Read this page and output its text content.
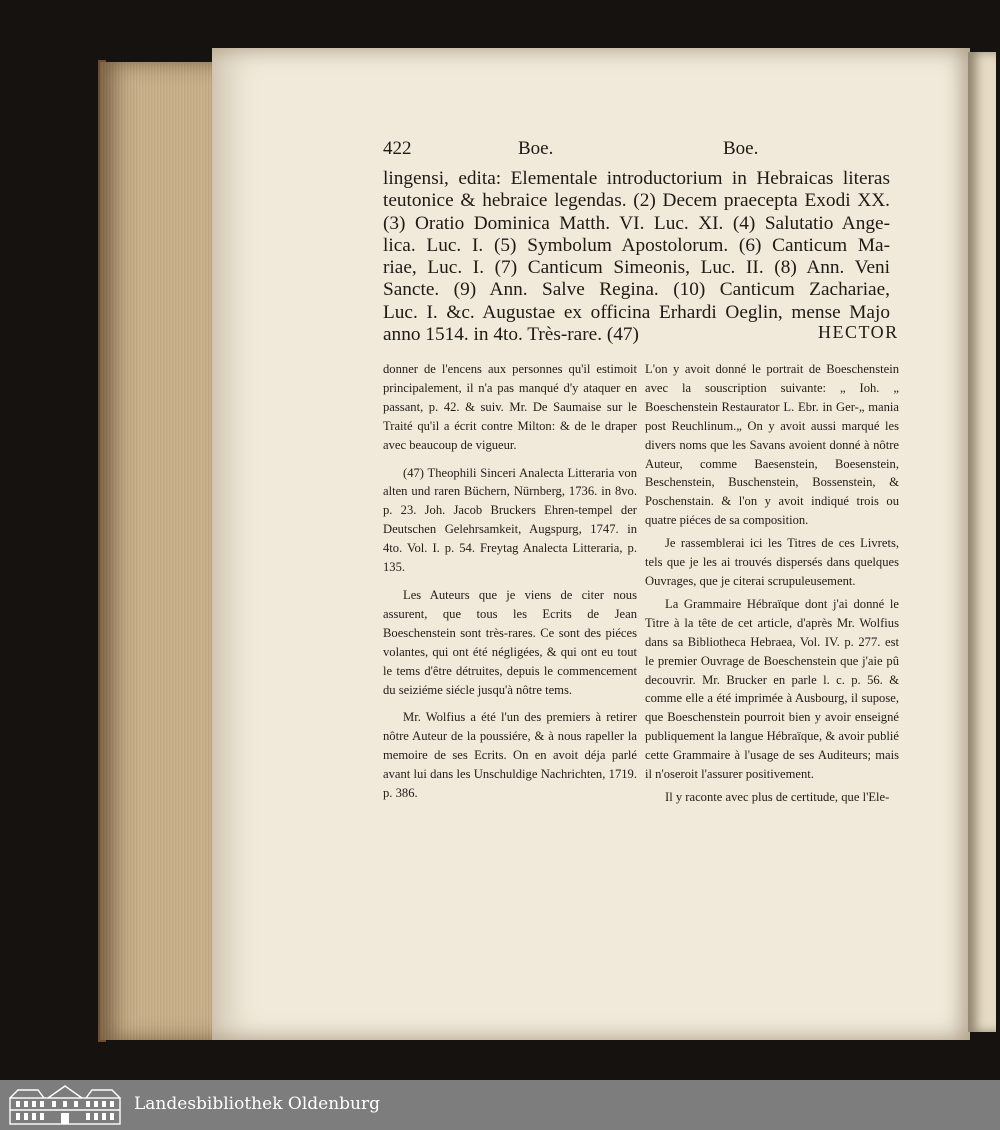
422	Boe.	Boe.

lingensi, edita: Elementale introductorium in Hebraicas literas

teutonice & hebraice legendas. (2) Decem praecepta Exodi XX.

(3) Oratio Dominica Matth. VI. Luc. XI. (4) Salutatio Ange-

lica. Luc. I. (5) Symbolum Apostolorum. (6) Canticum Ma-

riae, Luc. I. (7) Canticum Simeonis, Luc. II. (8) Ann. Veni

Sancte. (9) Ann. Salve Regina. (10) Canticum Zachariae,

Luc. I. &c. Augustae ex officina Erhardi Oeglin, mense Majo

anno 1514. in 4to. Très-rare. (47)	HECTOR

donner de l'encens aux personnes qu'il estimoit principalement, il n'a pas manqué d'y ataquer en passant, p. 42. & suiv. Mr. De Saumaise sur le Traité qu'il a écrit contre Milton: & de le draper avec beaucoup de vigueur.

(47) Theophili Sinceri Analecta Litteraria von alten und raren Büchern, Nürnberg, 1736. in 8vo. p. 23. Joh. Jacob Bruckers Ehren-tempel der Deutschen Gelehrsamkeit, Augspurg, 1747. in 4to. Vol. I. p. 54. Freytag Analecta Litteraria, p. 135.

Les Auteurs que je viens de citer nous assurent, que tous les Ecrits de Jean Boeschenstein sont très-rares. Ce sont des piéces volantes, qui ont été négligées, & qui ont eu tout le tems d'être détruites, depuis le commencement du seiziéme siécle jusqu'à nôtre tems.

Mr. Wolfius a été l'un des premiers à retirer nôtre Auteur de la poussiére, & à nous rapeller la memoire de ses Ecrits. On en avoit déja parlé avant lui dans les Unschuldige Nachrichten, 1719. p. 386.

L'on y avoit donné le portrait de Boeschenstein avec la souscription suivante: „ Ioh. „ Boeschenstein Restaurator L. Ebr. in Ger-„ mania post Reuchlinum.„ On y avoit aussi marqué les divers noms que les Savans avoient donné à nôtre Auteur, comme Baesenstein, Boesenstein, Beschenstein, Buschenstein, Bossenstein, & Poschenstain. & l'on y avoit indiqué trois ou quatre piéces de sa composition.

Je rassemblerai ici les Titres de ces Livrets, tels que je les ai trouvés dispersés dans quelques Ouvrages, que je citerai scrupuleusement.

La Grammaire Hébraïque dont j'ai donné le Titre à la tête de cet article, d'après Mr. Wolfius dans sa Bibliotheca Hebraea, Vol. IV. p. 277. est le premier Ouvrage de Boeschenstein que j'aie pû decouvrir. Mr. Brucker en parle l. c. p. 56. & comme elle a été imprimée à Ausbourg, il supose, que Boeschenstein pourroit bien y avoir enseigné publiquement la langue Hébraïque, & avoir publié cette Grammaire à l'usage de ses Auditeurs; mais il n'oseroit l'assurer positivement.

Il y raconte avec plus de certitude, que l'Ele-

Landesbibliothek Oldenburg
